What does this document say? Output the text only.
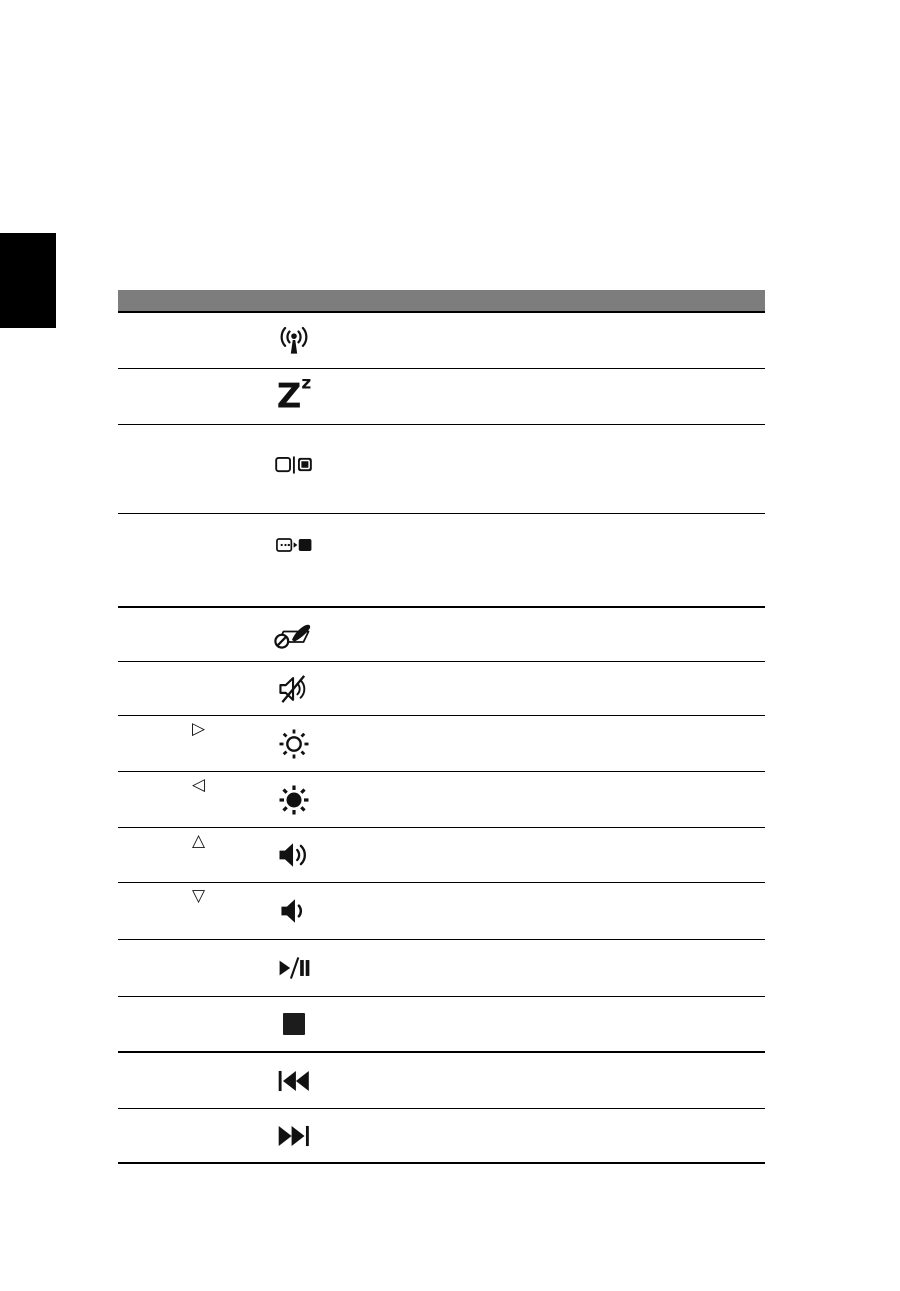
Z z
▷
◁
△
▽
